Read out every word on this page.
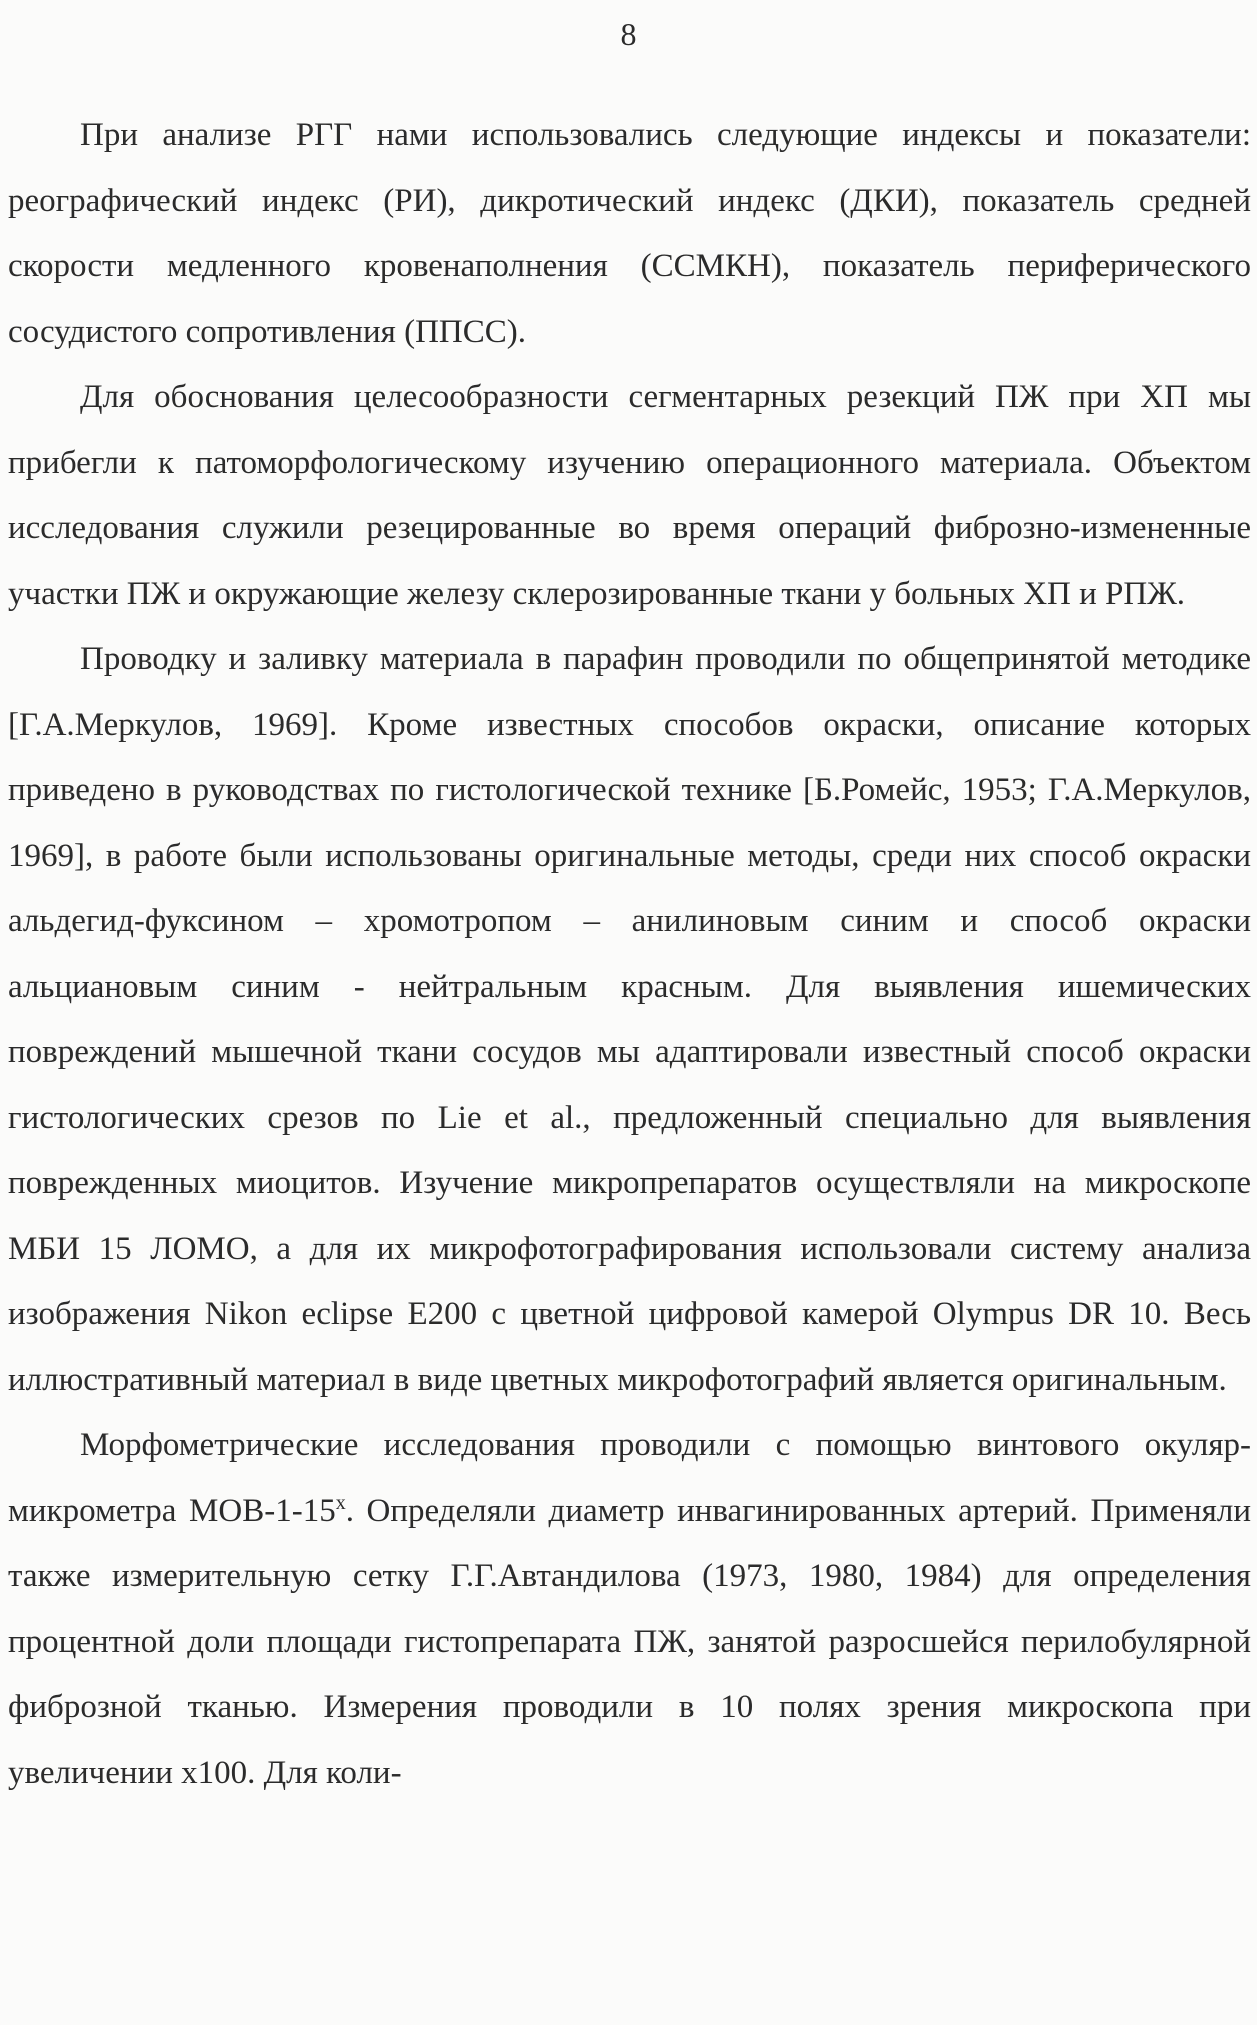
8

При анализе РГГ нами использовались следующие индексы и показатели: реографический индекс (РИ), дикротический индекс (ДКИ), показатель средней скорости медленного кровенаполнения (ССМКН), показатель периферического сосудистого сопротивления (ППСС).

Для обоснования целесообразности сегментарных резекций ПЖ при ХП мы прибегли к патоморфологическому изучению операционного материала. Объектом исследования служили резецированные во время операций фиброзно-измененные участки ПЖ и окружающие железу склерозированные ткани у больных ХП и РПЖ.

Проводку и заливку материала в парафин проводили по общепринятой методике [Г.А.Меркулов, 1969]. Кроме известных способов окраски, описание которых приведено в руководствах по гистологической технике [Б.Ромейс, 1953; Г.А.Меркулов, 1969], в работе были использованы оригинальные методы, среди них способ окраски альдегид-фуксином – хромотропом – анилиновым синим и способ окраски альциановым синим - нейтральным красным. Для выявления ишемических повреждений мышечной ткани сосудов мы адаптировали известный способ окраски гистологических срезов по Lie et al., предложенный специально для выявления поврежденных миоцитов. Изучение микропрепаратов осуществляли на микроскопе МБИ 15 ЛОМО, а для их микрофотографирования использовали систему анализа изображения Nikon eclipse E200 с цветной цифровой камерой Olympus DR 10. Весь иллюстративный материал в виде цветных микрофотографий является оригинальным.

Морфометрические исследования проводили с помощью винтового окуляр-микрометра МОВ-1-15$^x$. Определяли диаметр инвагинированных артерий. Применяли также измерительную сетку Г.Г.Автандилова (1973, 1980, 1984) для определения процентной доли площади гистопрепарата ПЖ, занятой разросшейся перилобулярной фиброзной тканью. Измерения проводили в 10 полях зрения микроскопа при увеличении х100. Для коли-
